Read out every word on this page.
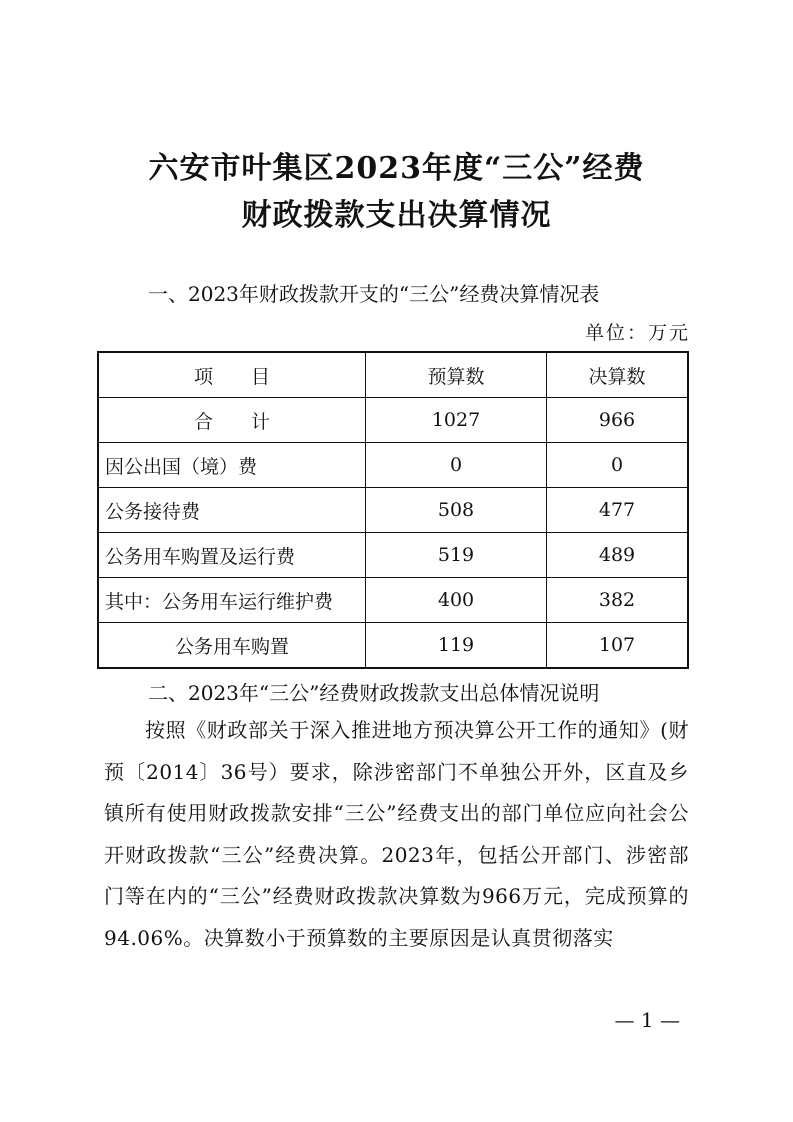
六安市叶集区2023年度“三公”经费
财政拨款支出决算情况
一、2023年财政拨款开支的“三公”经费决算情况表
单位：万元
项　　目	预算数	决算数
合　　计	1027	966
因公出国（境）费	0	0
公务接待费	508	477
公务用车购置及运行费	519	489
其中：公务用车运行维护费	400	382
公务用车购置	119	107
二、2023年“三公”经费财政拨款支出总体情况说明
按照《财政部关于深入推进地方预决算公开工作的通知》(财预〔2014〕36号）要求，除涉密部门不单独公开外，区直及乡镇所有使用财政拨款安排“三公”经费支出的部门单位应向社会公开财政拨款“三公”经费决算。2023年，包括公开部门、涉密部门等在内的“三公”经费财政拨款决算数为966万元，完成预算的94.06%。决算数小于预算数的主要原因是认真贯彻落实
— 1 —
